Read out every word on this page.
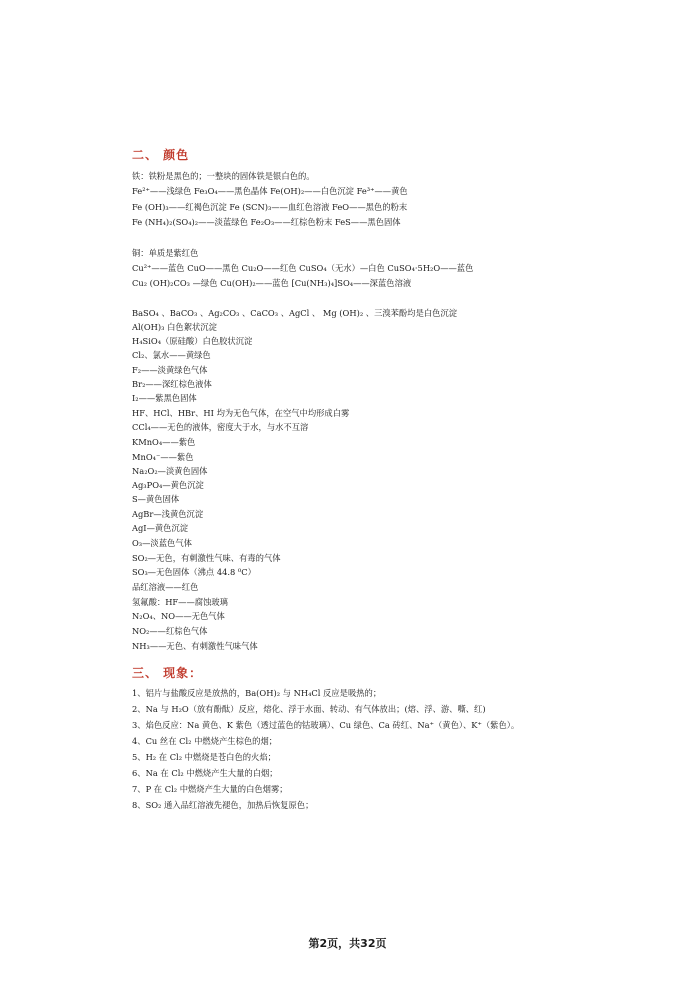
二、 颜色
铁：铁粉是黑色的；一整块的固体铁是银白色的。
Fe²⁺——浅绿色 Fe₃O₄——黑色晶体 Fe(OH)₂——白色沉淀 Fe³⁺——黄色
Fe (OH)₃——红褐色沉淀 Fe (SCN)₃——血红色溶液 FeO——黑色的粉末
Fe (NH₄)₂(SO₄)₂——淡蓝绿色 Fe₂O₃——红棕色粉末 FeS——黑色固体
铜：单质是紫红色
Cu²⁺——蓝色 CuO——黑色 Cu₂O——红色 CuSO₄（无水）—白色 CuSO₄·5H₂O——蓝色
Cu₂ (OH)₂CO₃ —绿色 Cu(OH)₂——蓝色 [Cu(NH₃)₄]SO₄——深蓝色溶液
BaSO₄ 、BaCO₃ 、Ag₂CO₃ 、CaCO₃ 、AgCl 、 Mg (OH)₂ 、三溴苯酚均是白色沉淀
Al(OH)₃ 白色絮状沉淀
H₄SiO₄（原硅酸）白色胶状沉淀
Cl₂、氯水——黄绿色
F₂——淡黄绿色气体
Br₂——深红棕色液体
I₂——紫黑色固体
HF、HCl、HBr、HI 均为无色气体，在空气中均形成白雾
CCl₄——无色的液体，密度大于水，与水不互溶
KMnO₄——紫色
MnO₄⁻——紫色
Na₂O₂—淡黄色固体
Ag₃PO₄—黄色沉淀
S—黄色固体
AgBr—浅黄色沉淀
AgI—黄色沉淀
O₃—淡蓝色气体
SO₂—无色，有刺激性气味、有毒的气体
SO₃—无色固体（沸点 44.8 ⁰C）
品红溶液——红色
氢氟酸：HF——腐蚀玻璃
N₂O₄、NO——无色气体
NO₂——红棕色气体
NH₃——无色、有刺激性气味气体
三、 现象：
1、铝片与盐酸反应是放热的，Ba(OH)₂ 与 NH₄Cl 反应是吸热的；
2、Na 与 H₂O（放有酚酞）反应，熔化、浮于水面、转动、有气体放出；(熔、浮、游、嘶、红)
3、焰色反应：Na 黄色、K 紫色（透过蓝色的钴玻璃）、Cu 绿色、Ca 砖红、Na⁺（黄色）、K⁺（紫色）。
4、Cu 丝在 Cl₂ 中燃烧产生棕色的烟；
5、H₂ 在 Cl₂ 中燃烧是苍白色的火焰；
6、Na 在 Cl₂ 中燃烧产生大量的白烟；
7、P 在 Cl₂ 中燃烧产生大量的白色烟雾；
8、SO₂ 通入品红溶液先褪色，加热后恢复原色；
第2页，共32页
